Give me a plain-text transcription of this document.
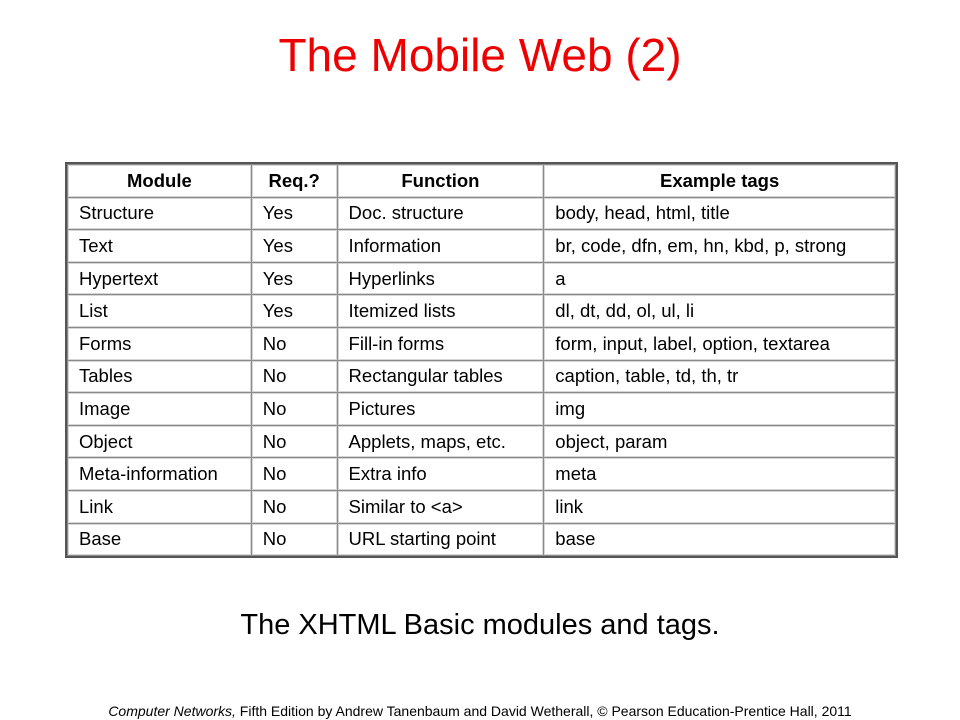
The Mobile Web (2)
Module	Req.?	Function	Example tags
Structure	Yes	Doc. structure	body, head, html, title
Text	Yes	Information	br, code, dfn, em, hn, kbd, p, strong
Hypertext	Yes	Hyperlinks	a
List	Yes	Itemized lists	dl, dt, dd, ol, ul, li
Forms	No	Fill-in forms	form, input, label, option, textarea
Tables	No	Rectangular tables	caption, table, td, th, tr
Image	No	Pictures	img
Object	No	Applets, maps, etc.	object, param
Meta-information	No	Extra info	meta
Link	No	Similar to <a>	link
Base	No	URL starting point	base
The XHTML Basic modules and tags.
Computer Networks, Fifth Edition by Andrew Tanenbaum and David Wetherall, © Pearson Education-Prentice Hall, 2011
